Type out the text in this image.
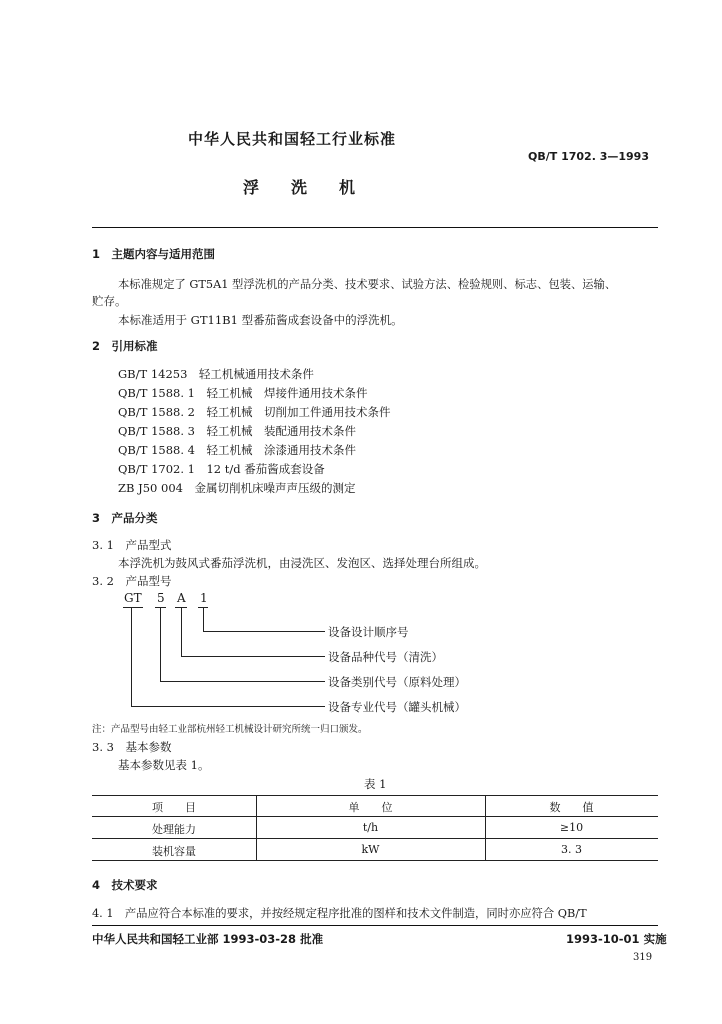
中华人民共和国轻工行业标准
QB/T 1702. 3—1993
浮　　洗　　机
1　主题内容与适用范围
本标准规定了 GT5A1 型浮洗机的产品分类、技术要求、试验方法、检验规则、标志、包装、运输、
贮存。
本标准适用于 GT11B1 型番茄酱成套设备中的浮洗机。
2　引用标准
GB/T 14253　轻工机械通用技术条件
QB/T 1588. 1　轻工机械　焊接件通用技术条件
QB/T 1588. 2　轻工机械　切削加工件通用技术条件
QB/T 1588. 3　轻工机械　装配通用技术条件
QB/T 1588. 4　轻工机械　涂漆通用技术条件
QB/T 1702. 1　12 t/d 番茄酱成套设备
ZB J50 004　金属切削机床噪声声压级的测定
3　产品分类
3. 1　产品型式
本浮洗机为鼓风式番茄浮洗机，由浸洗区、发泡区、选择处理台所组成。
3. 2　产品型号
GT 5 A 1
设备设计顺序号
设备品种代号（清洗）
设备类别代号（原料处理）
设备专业代号（罐头机械）
注：产品型号由轻工业部杭州轻工机械设计研究所统一归口颁发。
3. 3　基本参数
基本参数见表 1。
表 1
项　　目	单　　位	数　　值
处理能力	t/h	≥10
装机容量	kW	3. 3
4　技术要求
4. 1　产品应符合本标准的要求，并按经规定程序批准的图样和技术文件制造，同时亦应符合 QB/T
中华人民共和国轻工业部 1993-03-28 批准	1993-10-01 实施
319
